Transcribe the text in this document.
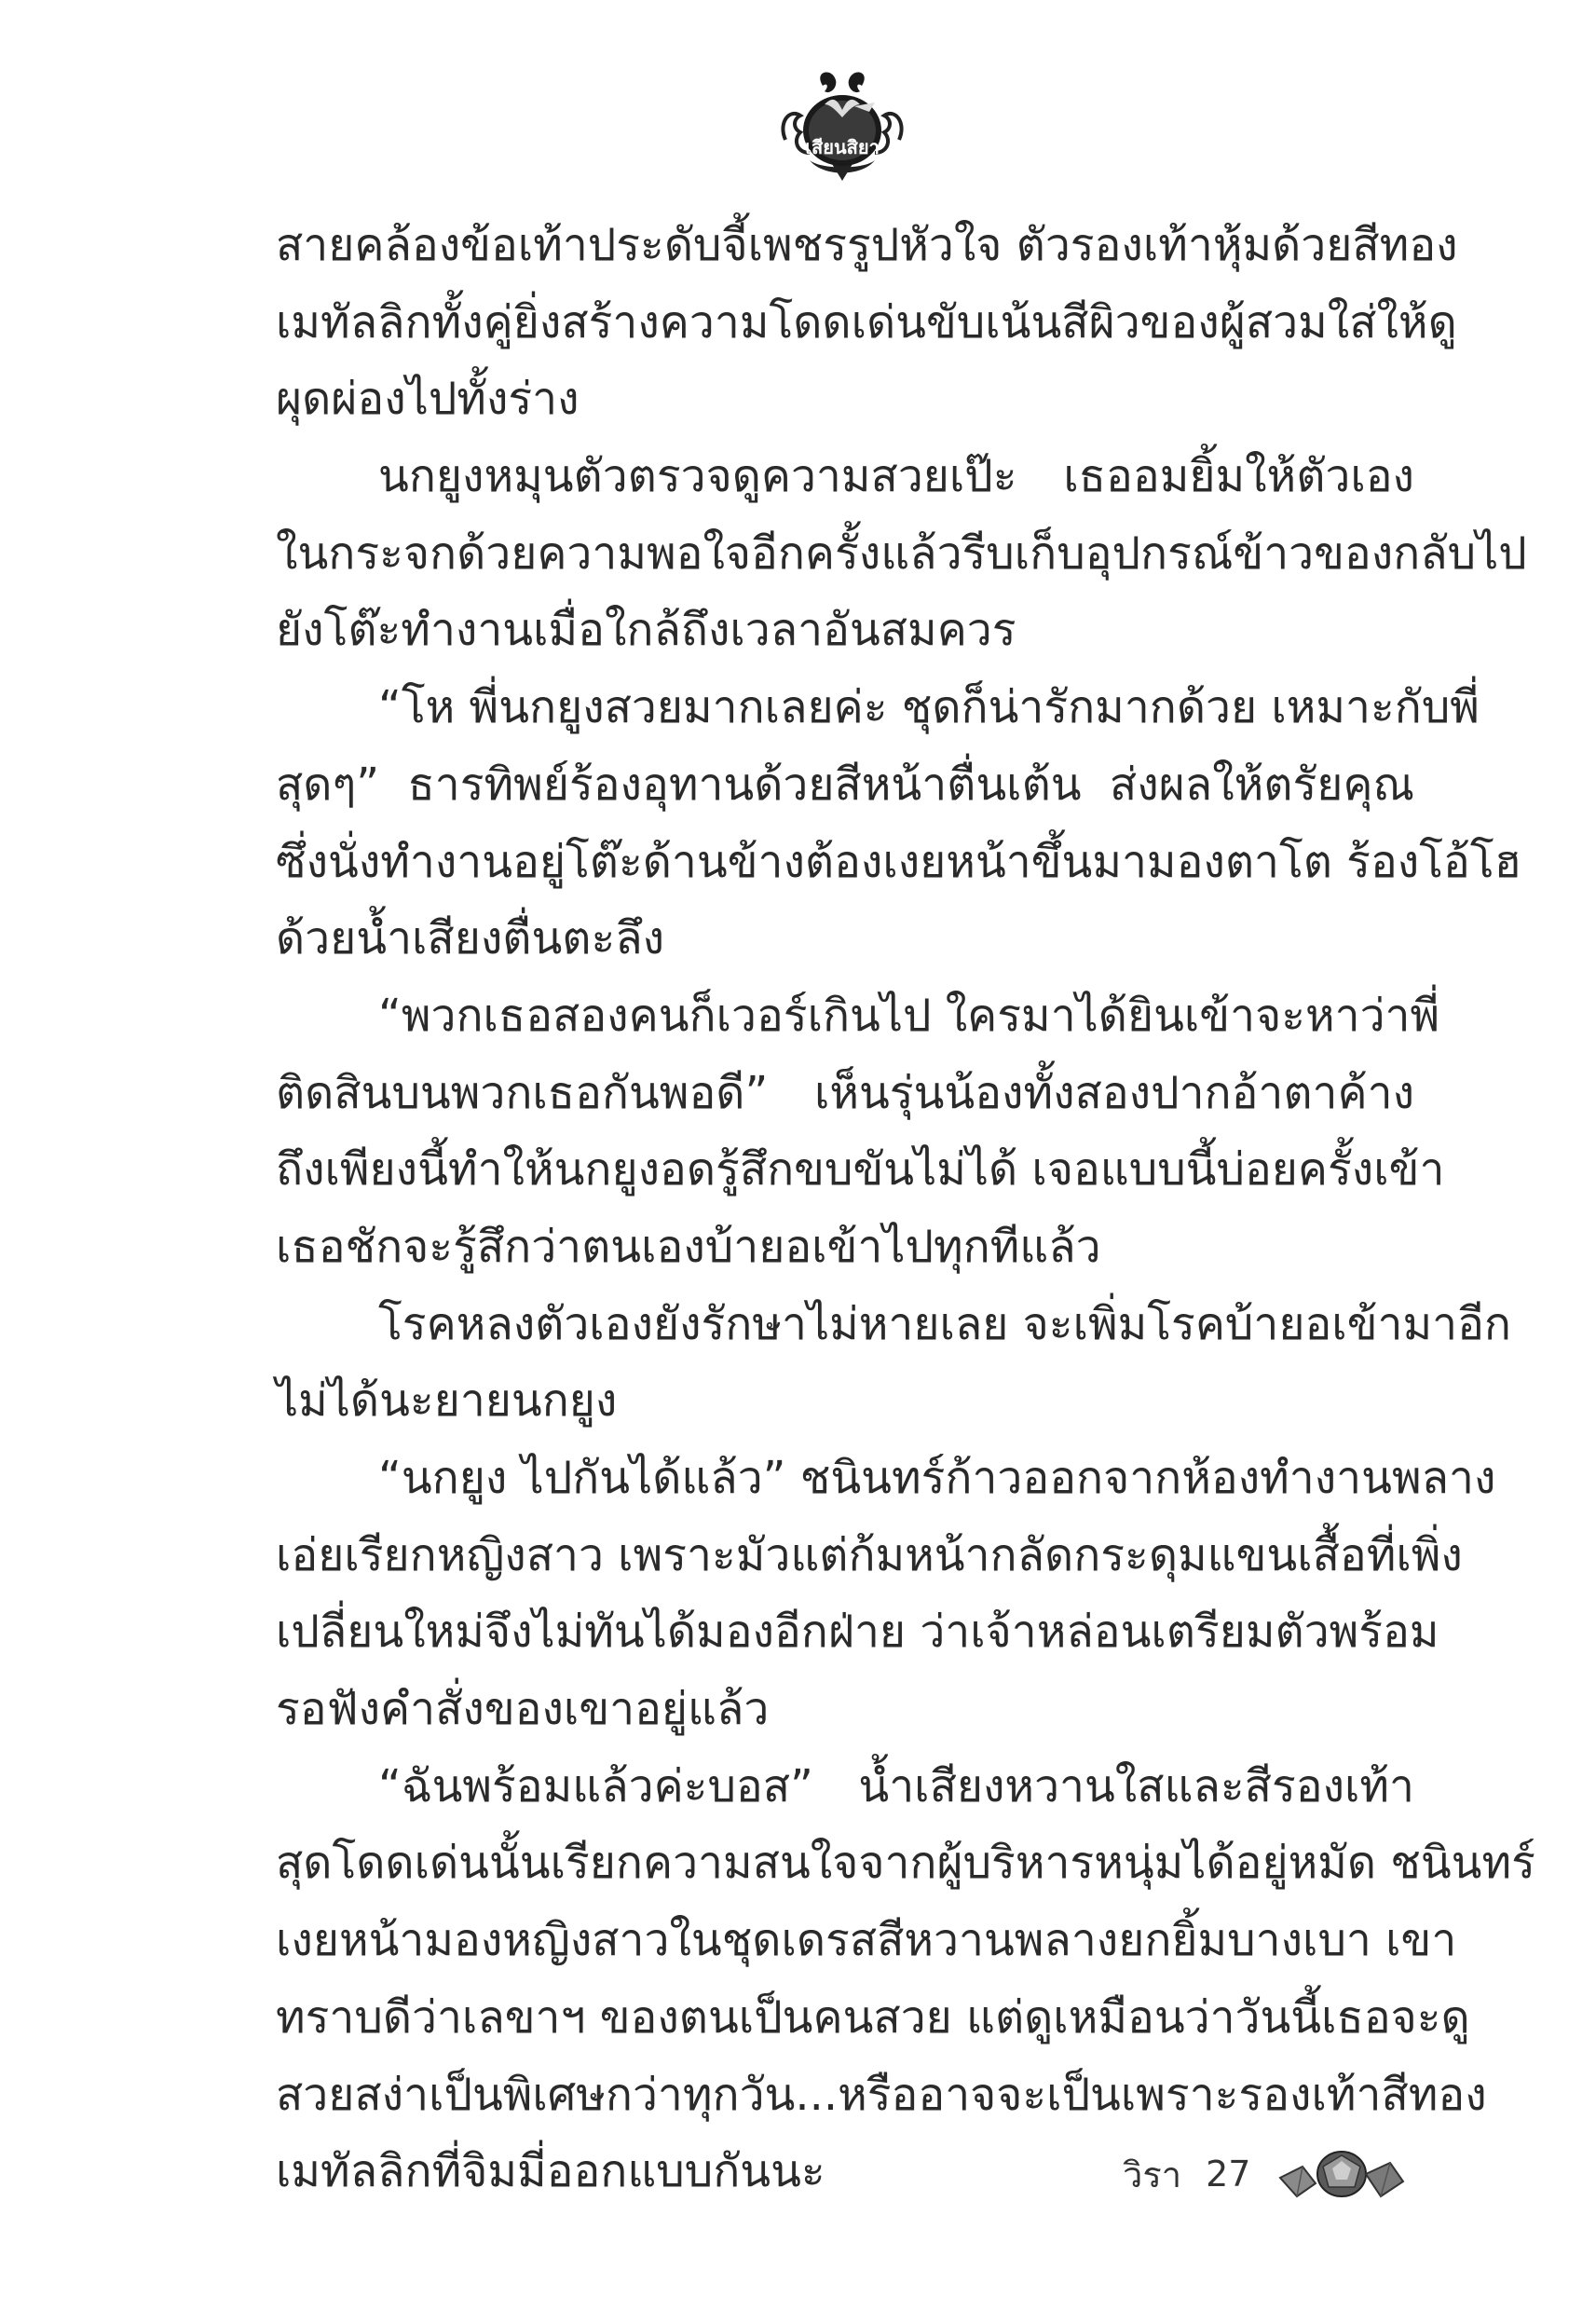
เสียนสิยา
สายคล้องข้อเท้าประดับจี้เพชรรูปหัวใจ ตัวรองเท้าหุ้มด้วยสีทอง
เมทัลลิกทั้งคู่ยิ่งสร้างความโดดเด่นขับเน้นสีผิวของผู้สวมใส่ให้ดู
ผุดผ่องไปทั้งร่าง
นกยูงหมุนตัวตรวจดูความสวยเป๊ะ เธออมยิ้มให้ตัวเอง
ในกระจกด้วยความพอใจอีกครั้งแล้วรีบเก็บอุปกรณ์ข้าวของกลับไป
ยังโต๊ะทำงานเมื่อใกล้ถึงเวลาอันสมควร
“โห พี่นกยูงสวยมากเลยค่ะ ชุดก็น่ารักมากด้วย เหมาะกับพี่
สุดๆ” ธารทิพย์ร้องอุทานด้วยสีหน้าตื่นเต้น ส่งผลให้ตรัยคุณ
ซึ่งนั่งทำงานอยู่โต๊ะด้านข้างต้องเงยหน้าขึ้นมามองตาโต ร้องโอ้โฮ
ด้วยน้ำเสียงตื่นตะลึง
“พวกเธอสองคนก็เวอร์เกินไป ใครมาได้ยินเข้าจะหาว่าพี่
ติดสินบนพวกเธอกันพอดี” เห็นรุ่นน้องทั้งสองปากอ้าตาค้าง
ถึงเพียงนี้ทำให้นกยูงอดรู้สึกขบขันไม่ได้ เจอแบบนี้บ่อยครั้งเข้า
เธอชักจะรู้สึกว่าตนเองบ้ายอเข้าไปทุกทีแล้ว
โรคหลงตัวเองยังรักษาไม่หายเลย จะเพิ่มโรคบ้ายอเข้ามาอีก
ไม่ได้นะยายนกยูง
“นกยูง ไปกันได้แล้ว” ชนินทร์ก้าวออกจากห้องทำงานพลาง
เอ่ยเรียกหญิงสาว เพราะมัวแต่ก้มหน้ากลัดกระดุมแขนเสื้อที่เพิ่ง
เปลี่ยนใหม่จึงไม่ทันได้มองอีกฝ่าย ว่าเจ้าหล่อนเตรียมตัวพร้อม
รอฟังคำสั่งของเขาอยู่แล้ว
“ฉันพร้อมแล้วค่ะบอส” น้ำเสียงหวานใสและสีรองเท้า
สุดโดดเด่นนั้นเรียกความสนใจจากผู้บริหารหนุ่มได้อยู่หมัด ชนินทร์
เงยหน้ามองหญิงสาวในชุดเดรสสีหวานพลางยกยิ้มบางเบา เขา
ทราบดีว่าเลขาฯ ของตนเป็นคนสวย แต่ดูเหมือนว่าวันนี้เธอจะดู
สวยสง่าเป็นพิเศษกว่าทุกวัน...หรืออาจจะเป็นเพราะรองเท้าสีทอง
เมทัลลิกที่จิมมี่ออกแบบกันนะ	วิรา 27
